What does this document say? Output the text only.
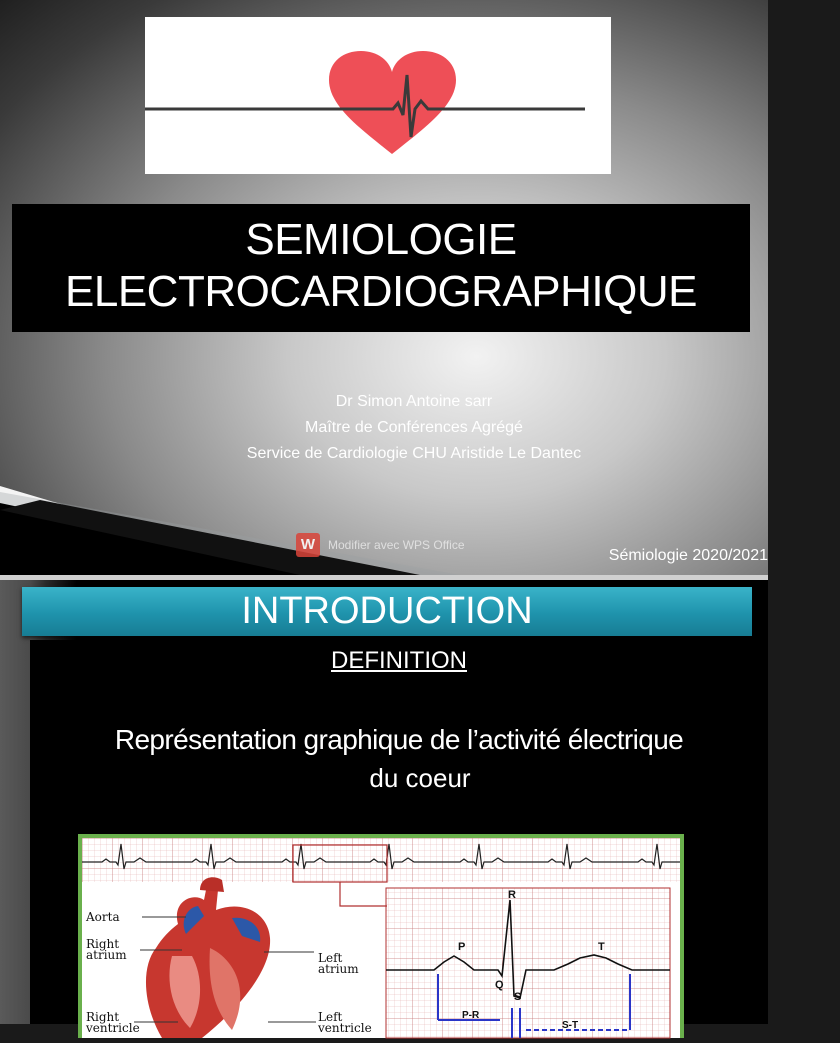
SEMIOLOGIE
ELECTROCARDIOGRAPHIQUE
Dr Simon Antoine sarr
Maître de Conférences Agrégé
Service de Cardiologie CHU Aristide Le Dantec
W	Modifier avec WPS Office
Sémiologie 2020/2021
INTRODUCTION
DEFINITION
Représentation graphique de l’activité électrique
du coeur
R
P	T
Q
S
P-R
S-T
Aorta
Right
atrium	Left
atrium
Right
ventricle
Left
ventricle
